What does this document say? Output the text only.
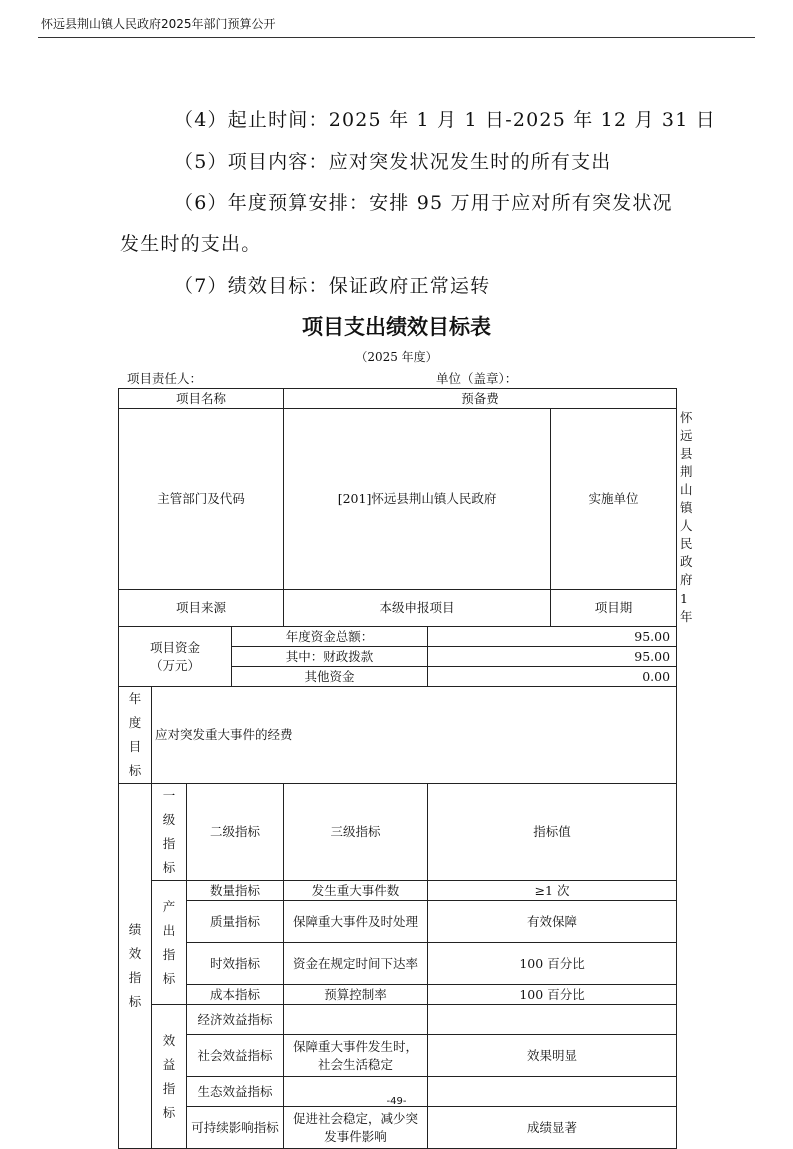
怀远县荆山镇人民政府2025年部门预算公开
（4）起止时间：2025 年 1 月 1 日-2025 年 12 月 31 日
（5）项目内容：应对突发状况发生时的所有支出
（6）年度预算安排：安排 95 万用于应对所有突发状况
发生时的支出。
（7）绩效目标：保证政府正常运转
项目支出绩效目标表
（2025 年度）
项目责任人：	单位（盖章）：
项目名称				预备费			
主管部门及代码				[201]怀远县荆山镇人民政府		实施单位	怀远县荆山镇人民政府
项目来源				本级申报项目		项目期	1 年
项目资金
（万元）			年度资金总额：		95.00		
			其中：财政拨款		95.00		
			其他资金		0.00		
年
度
目
标	应对突发重大事件的经费						
绩
效
指
标	一
级
指
标	二级指标		三级指标	指标值		
	产
出
指
标	数量指标		发生重大事件数	≥1 次		
		质量指标		保障重大事件及时处理	有效保障		
		时效指标		资金在规定时间下达率	100 百分比		
		成本指标		预算控制率	100 百分比		
	效
益
指
标	经济效益指标					
		社会效益指标		保障重大事件发生时，社会生活稳定	效果明显		
		生态效益指标					
		可持续影响指标		促进社会稳定，减少突发事件影响	成绩显著		
-49-
